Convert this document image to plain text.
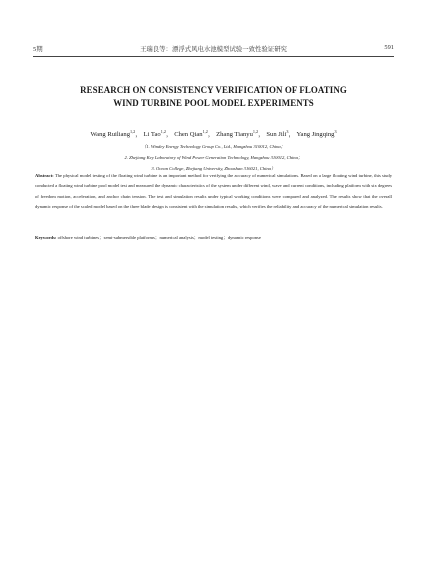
5期	王瑞良等：漂浮式风电水池模型试验一致性验证研究	591
RESEARCH ON CONSISTENCY VERIFICATION OF FLOATING
WIND TURBINE POOL MODEL EXPERIMENTS
Wang Ruiliang$^{1,2}$， Li Tao$^{1,2}$， Chen Qian$^{1,2}$， Zhang Tianyu$^{1,2}$， Sun Jili$^3$， Yang Jingqing$^3$
（1. Windey Energy Technology Group Co., Ltd., Hangzhou 310012, China；
2. Zhejiang Key Laboratory of Wind Power Generation Technology, Hangzhou 310012, China；
3. Ocean College, Zhejiang University, Zhoushan 316021, China）
Abstract: The physical model testing of the floating wind turbine is an important method for verifying the accuracy of numerical simulations. Based on a large floating wind turbine, this study conducted a floating wind turbine pool model test and measured the dynamic characteristics of the system under different wind, wave and current conditions, including platform with six degrees of freedom motion, acceleration, and anchor chain tension. The test and simulation results under typical working conditions were compared and analyzed. The results show that the overall dynamic response of the scaled model based on the three blade design is consistent with the simulation results, which verifies the reliability and accuracy of the numerical simulation results.
Keywords: offshore wind turbines；semi-submersible platforms；numerical analysis；model testing；dynamic response
